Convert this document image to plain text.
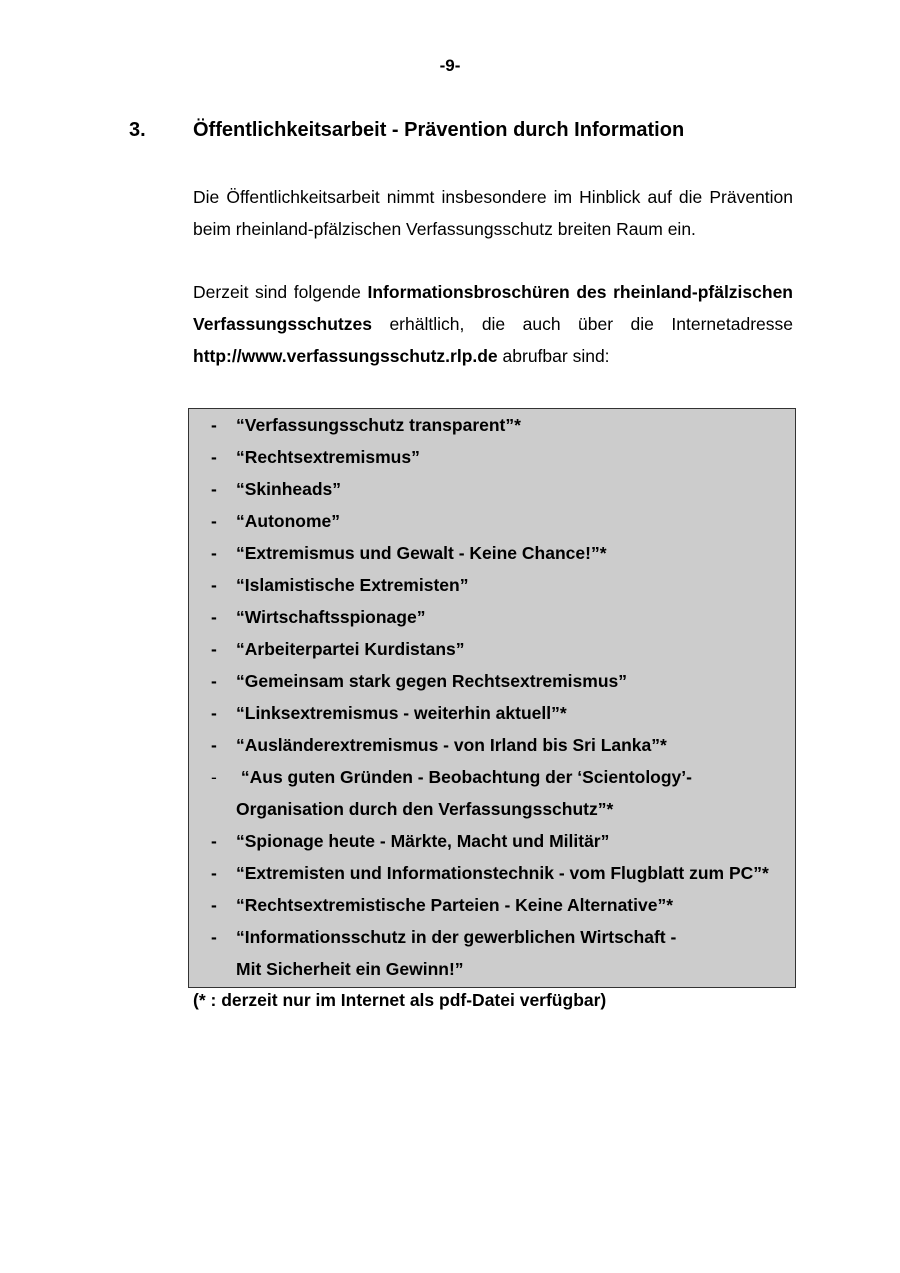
-9-
3. Öffentlichkeitsarbeit - Prävention durch Information
Die Öffentlichkeitsarbeit nimmt insbesondere im Hinblick auf die Prävention beim rheinland-pfälzischen Verfassungsschutz breiten Raum ein.
Derzeit sind folgende Informationsbroschüren des rheinland-pfälzischen Verfassungsschutzes erhältlich, die auch über die Internetadresse http://www.verfassungsschutz.rlp.de abrufbar sind:
- “Verfassungsschutz transparent”*
- “Rechtsextremismus”
- “Skinheads”
- “Autonome”
- “Extremismus und Gewalt - Keine Chance!”*
- “Islamistische Extremisten”
- “Wirtschaftsspionage”
- “Arbeiterpartei Kurdistans”
- “Gemeinsam stark gegen Rechtsextremismus”
- “Linksextremismus - weiterhin aktuell”*
- “Ausländerextremismus - von Irland bis Sri Lanka”*
- “Aus guten Gründen - Beobachtung der ‘Scientology’-
Organisation durch den Verfassungsschutz”*
- “Spionage heute - Märkte, Macht und Militär”
- “Extremisten und Informationstechnik - vom Flugblatt zum PC”*
- “Rechtsextremistische Parteien - Keine Alternative”*
- “Informationsschutz in der gewerblichen Wirtschaft -
Mit Sicherheit ein Gewinn!”
(* : derzeit nur im Internet als pdf-Datei verfügbar)
